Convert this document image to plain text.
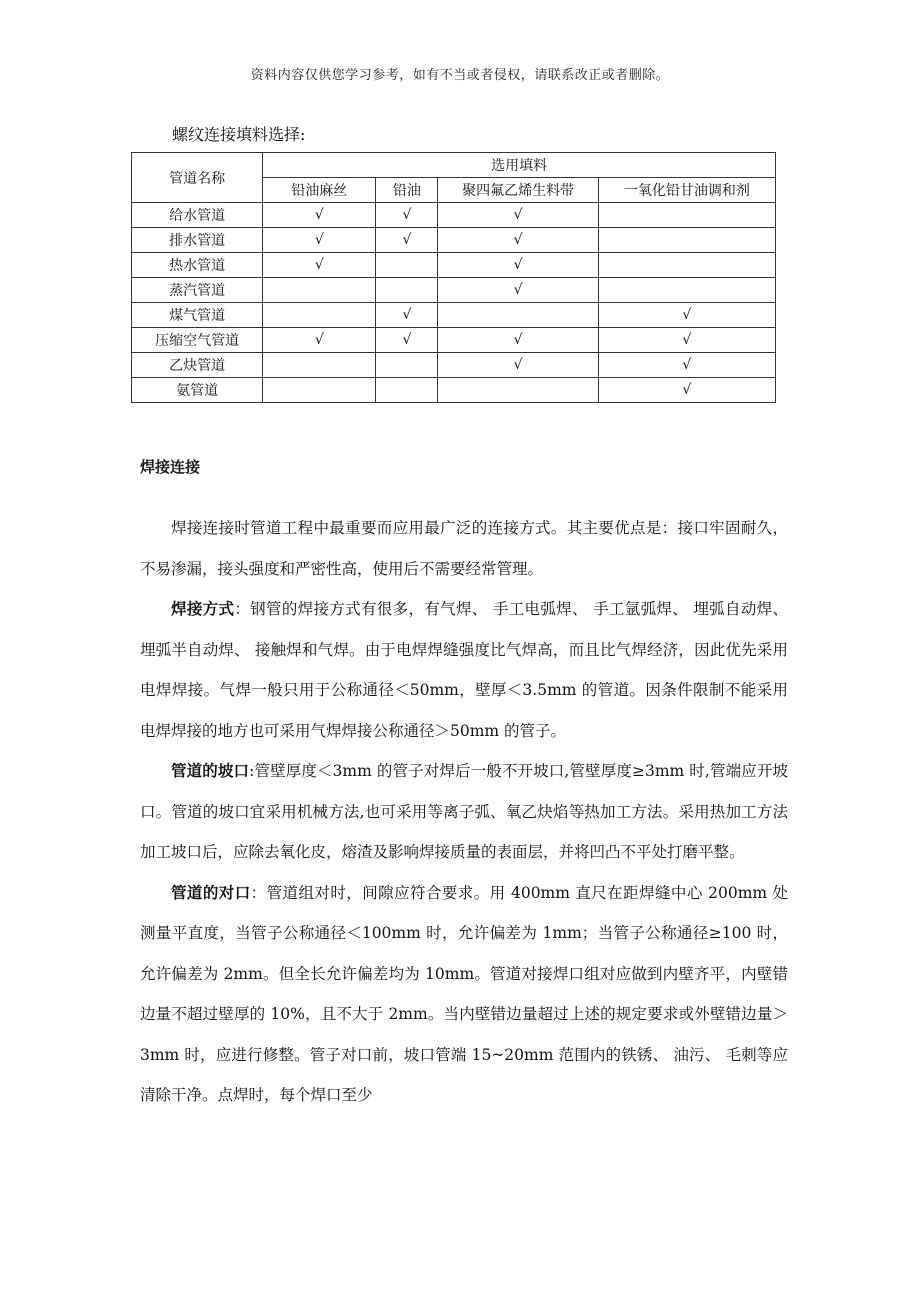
资料内容仅供您学习参考，如有不当或者侵权，请联系改正或者删除。
螺纹连接填料选择:
管道名称	选用填料			
	铅油麻丝	铅油	聚四氟乙烯生料带	一氧化铅甘油调和剂
给水管道	√	√	√	
排水管道	√	√	√	
热水管道	√		√	
蒸汽管道			√	
煤气管道		√		√
压缩空气管道	√	√	√	√
乙炔管道			√	√
氨管道				√
焊接连接

焊接连接时管道工程中最重要而应用最广泛的连接方式。其主要优点是：接口牢固耐久，不易渗漏，接头强度和严密性高，使用后不需要经常管理。

焊接方式：钢管的焊接方式有很多，有气焊、 手工电弧焊、 手工氩弧焊、 埋弧自动焊、 埋弧半自动焊、 接触焊和气焊。由于电焊焊缝强度比气焊高，而且比气焊经济，因此优先采用电焊焊接。气焊一般只用于公称通径＜50mm，壁厚＜3.5mm 的管道。因条件限制不能采用电焊焊接的地方也可采用气焊焊接公称通径＞50mm 的管子。

管道的坡口:管壁厚度＜3mm 的管子对焊后一般不开坡口,管壁厚度≥3mm 时,管端应开坡口。管道的坡口宜采用机械方法,也可采用等离子弧、氧乙炔焰等热加工方法。采用热加工方法加工坡口后，应除去氧化皮，熔渣及影响焊接质量的表面层，并将凹凸不平处打磨平整。

管道的对口：管道组对时，间隙应符合要求。用 400mm 直尺在距焊缝中心 200mm 处测量平直度，当管子公称通径＜100mm 时，允许偏差为 1mm；当管子公称通径≥100 时，允许偏差为 2mm。但全长允许偏差均为 10mm。管道对接焊口组对应做到内壁齐平，内壁错边量不超过壁厚的 10%，且不大于 2mm。当内壁错边量超过上述的规定要求或外壁错边量＞3mm 时，应进行修整。管子对口前，坡口管端 15~20mm 范围内的铁锈、 油污、 毛刺等应清除干净。点焊时，每个焊口至少
